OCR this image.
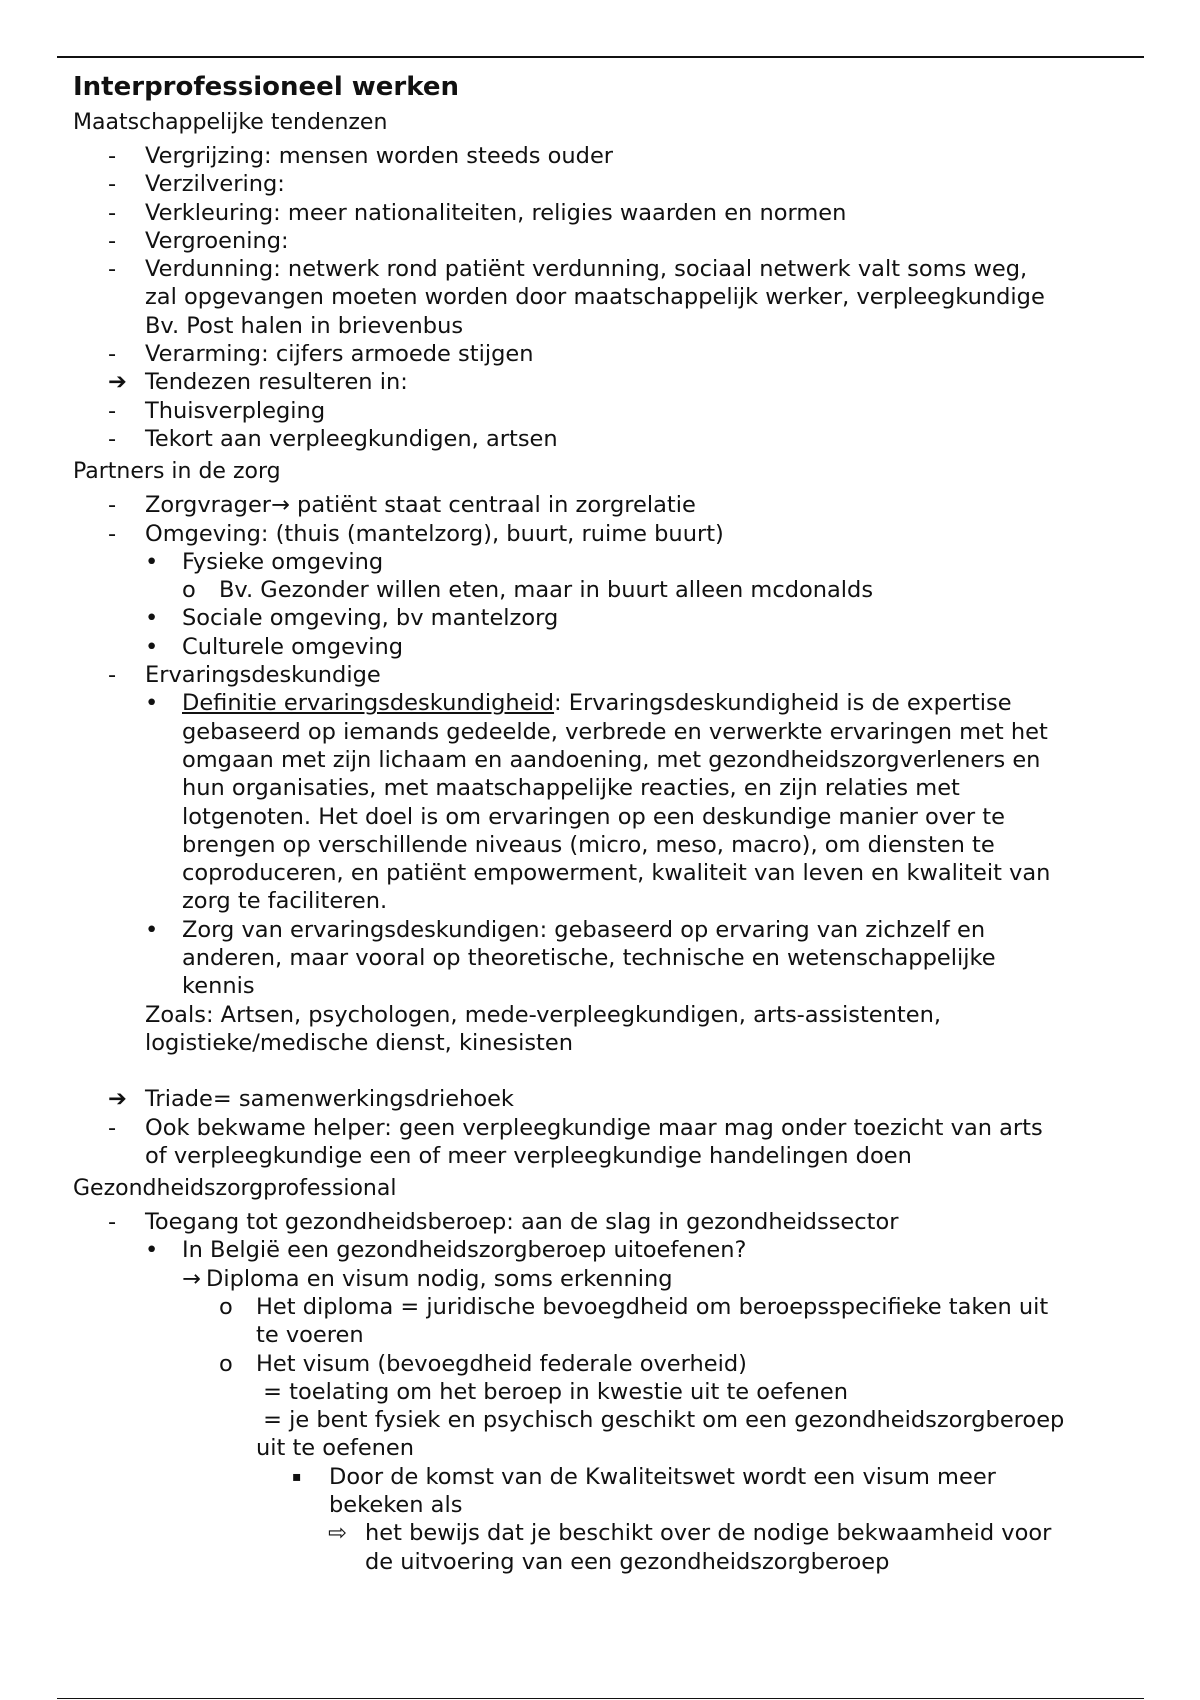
Interprofessioneel werken
Maatschappelijke tendenzen
-	Vergrijzing: mensen worden steeds ouder
-	Verzilvering:
-	Verkleuring: meer nationaliteiten, religies waarden en normen
-	Vergroening:
-	Verdunning: netwerk rond patiënt verdunning, sociaal netwerk valt soms weg,
zal opgevangen moeten worden door maatschappelijk werker, verpleegkundige
Bv. Post halen in brievenbus
-	Verarming: cijfers armoede stijgen
➔ Tendezen resulteren in:
-	Thuisverpleging
-	Tekort aan verpleegkundigen, artsen
Partners in de zorg
-	Zorgvrager→ patiënt staat centraal in zorgrelatie
-	Omgeving: (thuis (mantelzorg), buurt, ruime buurt)
•	Fysieke omgeving
o	Bv. Gezonder willen eten, maar in buurt alleen mcdonalds
•	Sociale omgeving, bv mantelzorg
•	Culturele omgeving
-	Ervaringsdeskundige
•	Definitie ervaringsdeskundigheid: Ervaringsdeskundigheid is de expertise
gebaseerd op iemands gedeelde, verbrede en verwerkte ervaringen met het
omgaan met zijn lichaam en aandoening, met gezondheidszorgverleners en
hun organisaties, met maatschappelijke reacties, en zijn relaties met
lotgenoten. Het doel is om ervaringen op een deskundige manier over te
brengen op verschillende niveaus (micro, meso, macro), om diensten te
coproduceren, en patiënt empowerment, kwaliteit van leven en kwaliteit van
zorg te faciliteren.
•	Zorg van ervaringsdeskundigen: gebaseerd op ervaring van zichzelf en
anderen, maar vooral op theoretische, technische en wetenschappelijke
kennis
Zoals: Artsen, psychologen, mede-verpleegkundigen, arts-assistenten,
logistieke/medische dienst, kinesisten
➔ Triade= samenwerkingsdriehoek
-	Ook bekwame helper: geen verpleegkundige maar mag onder toezicht van arts
of verpleegkundige een of meer verpleegkundige handelingen doen
Gezondheidszorgprofessional
-	Toegang tot gezondheidsberoep: aan de slag in gezondheidssector
•	In België een gezondheidszorgberoep uitoefenen?
→ Diploma en visum nodig, soms erkenning
o	Het diploma = juridische bevoegdheid om beroepsspecifieke taken uit
te voeren
o	Het visum (bevoegdheid federale overheid)
= toelating om het beroep in kwestie uit te oefenen
= je bent fysiek en psychisch geschikt om een gezondheidszorgberoep
uit te oefenen
▪	Door de komst van de Kwaliteitswet wordt een visum meer
bekeken als
⇨ het bewijs dat je beschikt over de nodige bekwaamheid voor
de uitvoering van een gezondheidszorgberoep
